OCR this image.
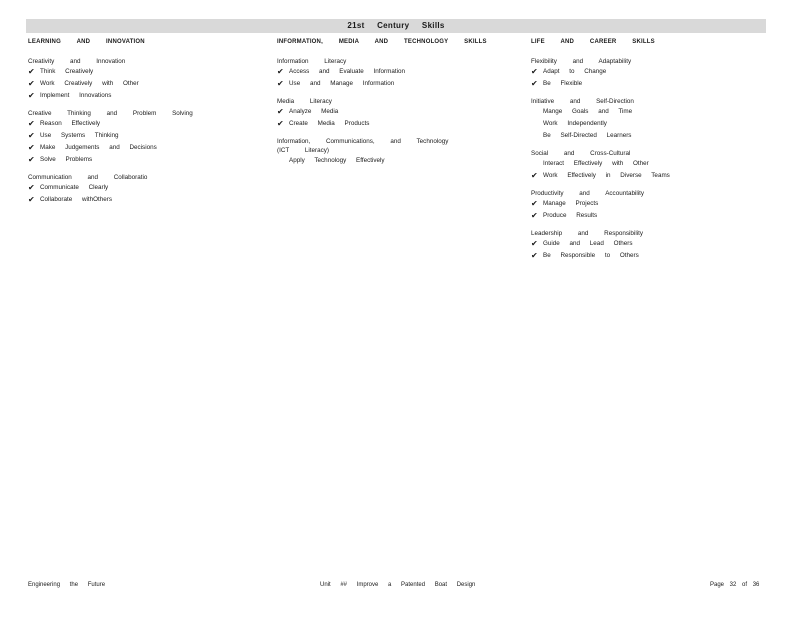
21st Century Skills
LEARNING AND INNOVATION
Creativity and Innovation
✔ Think Creatively
✔ Work Creatively with Other
✔ Implement Innovations
Creative Thinking and Problem Solving
✔ Reason Effectively
✔ Use Systems Thinking
✔ Make Judgements and Decisions
✔ Solve Problems
Communication and Collaboratio
✔ Communicate Clearly
✔ Collaborate withOthers
INFORMATION, MEDIA AND TECHNOLOGY SKILLS
Information Literacy
✔ Access and Evaluate Information
✔ Use and Manage Information
Media Literacy
✔ Analyze Media
✔ Create Media Products
Information, Communications, and Technology (ICT Literacy)
Apply Technology Effectively
LIFE AND CAREER SKILLS
Flexibility and Adaptability
✔ Adapt to Change
✔ Be Flexible
Initiative and Self-Direction
Mange Goals and Time
Work Independently
Be Self-Directed Learners
Social and Cross-Cultural
Interact Effectively with Other
✔ Work Effectively in Diverse Teams
Productivity and Accountability
✔ Manage Projects
✔ Produce Results
Leadership and Responsibility
✔ Guide and Lead Others
✔ Be Responsible to Others
Engineering the Future	Unit ## Improve a Patented Boat Design	Page 32 of 36
